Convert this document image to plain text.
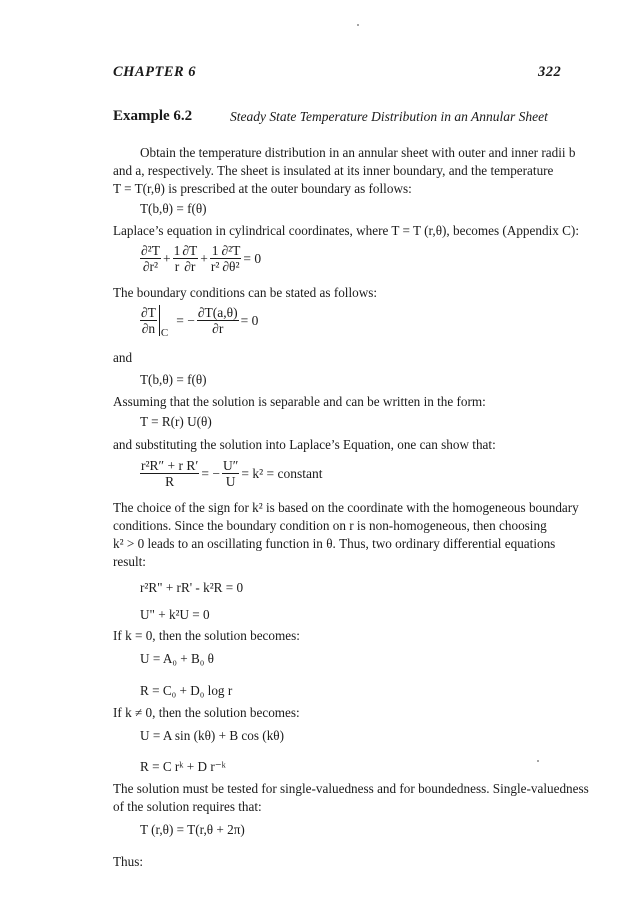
CHAPTER 6	322
Example 6.2	Steady State Temperature Distribution in an Annular Sheet
Obtain the temperature distribution in an annular sheet with outer and inner radii b
and a, respectively. The sheet is insulated at its inner boundary, and the temperature
T = T(r,θ) is prescribed at the outer boundary as follows:
T(b,θ) = f(θ)
Laplace’s equation in cylindrical coordinates, where T = T (r,θ), becomes (Appendix C):
$\frac{\text{∂²T}}{\text{∂r²}} + \frac{1}{r} \frac{\partial T}{\partial r} + \frac{1}{\text{r²}} \frac{\text{∂²T}}{\text{∂θ²}} = 0$
The boundary conditions can be stated as follows:
$\frac{\partial T}{\partial n}$ C
= − $\frac{\partial T(a,\theta)}{\partial r} = 0$
and
T(b,θ) = f(θ)
Assuming that the solution is separable and can be written in the form:
T = R(r) U(θ)
and substituting the solution into Laplace’s Equation, one can show that:
$\frac{\text{r²R″ + r R′}}{R}$ = − $\frac{U''}{U} = k^2$ = constant
The choice of the sign for k² is based on the coordinate with the homogeneous boundary
conditions. Since the boundary condition on r is non-homogeneous, then choosing
k² > 0 leads to an oscillating function in θ. Thus, two ordinary differential equations
result:
r²R" + rR' - k²R = 0
U" + k²U = 0
If k = 0, then the solution becomes:
U = A₀ + B₀ θ
R = C₀ + D₀ log r
If k ≠ 0, then the solution becomes:
U = A sin (kθ) + B cos (kθ)
R = C rᵏ + D r⁻ᵏ
The solution must be tested for single-valuedness and for boundedness. Single-valuedness
of the solution requires that:
T (r,θ) = T(r,θ + 2π)
Thus:
